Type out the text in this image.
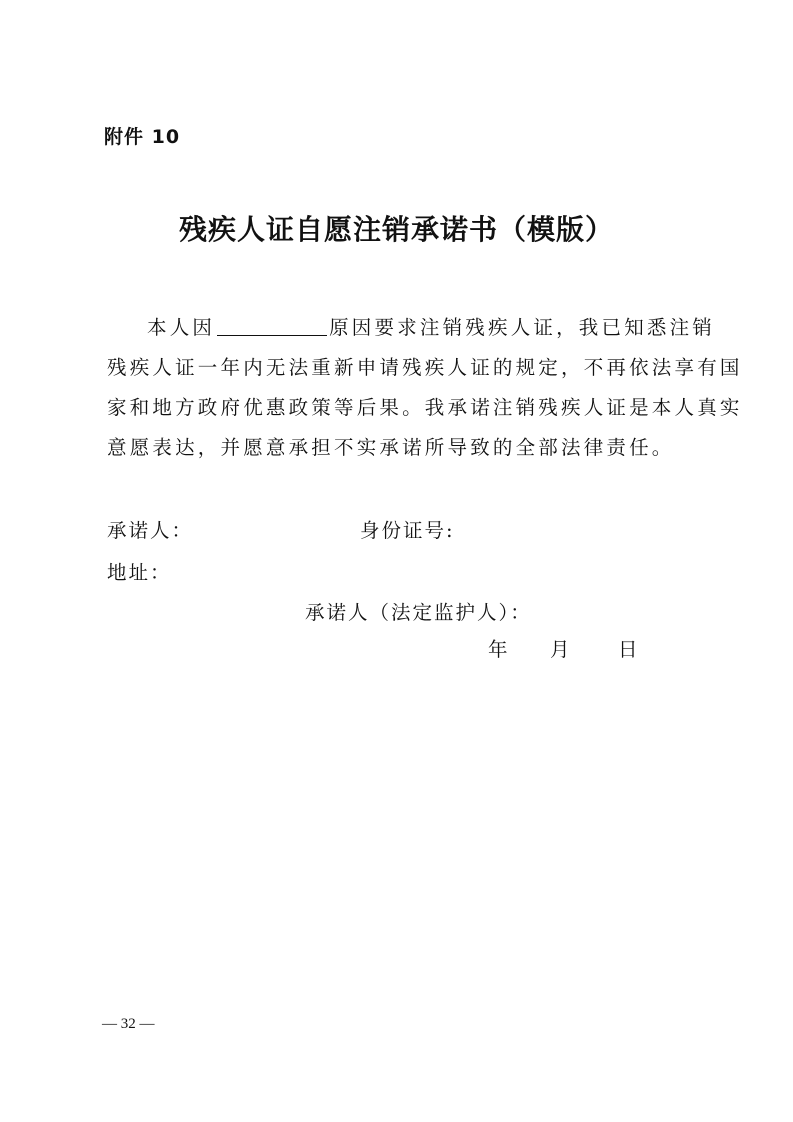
附件 10
残疾人证自愿注销承诺书（模版）
本人因	原因要求注销残疾人证，我已知悉注销
残疾人证一年内无法重新申请残疾人证的规定，不再依法享有国
家和地方政府优惠政策等后果。我承诺注销残疾人证是本人真实
意愿表达，并愿意承担不实承诺所导致的全部法律责任。
承诺人：	身份证号:
地址：
承诺人（法定监护人）：
年 月 日
— 32 —
